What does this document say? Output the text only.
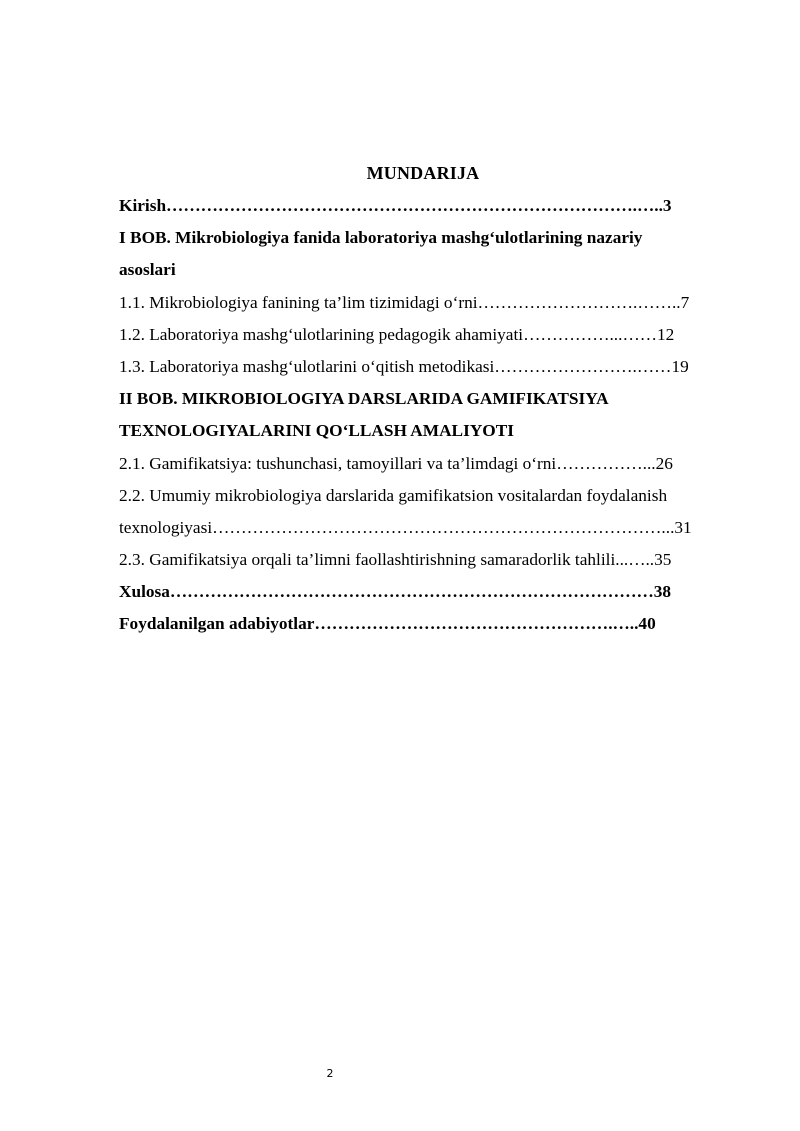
MUNDARIJA
Kirish……………………………………………………………………….…..3
I BOB. Mikrobiologiya fanida laboratoriya mashg‘ulotlarining nazariy
asoslari
1.1. Mikrobiologiya fanining ta’lim tizimidagi o‘rni……………………….……..7
1.2. Laboratoriya mashg‘ulotlarining pedagogik ahamiyati……………...……12
1.3. Laboratoriya mashg‘ulotlarini o‘qitish metodikasi…………………….……19
II BOB. MIKROBIOLOGIYA DARSLARIDA GAMIFIKATSIYA
TEXNOLOGIYALARINI QO‘LLASH AMALIYOTI
2.1. Gamifikatsiya: tushunchasi, tamoyillari va ta’limdagi o‘rni……………...26
2.2. Umumiy mikrobiologiya darslarida gamifikatsion vositalardan foydalanish
texnologiyasi……………………………………………………………………...31
2.3. Gamifikatsiya orqali ta’limni faollashtirishning samaradorlik tahlili...…..35
Xulosa…………………………………………………………………………38
Foydalanilgan adabiyotlar…………………………………………….…..40
2
